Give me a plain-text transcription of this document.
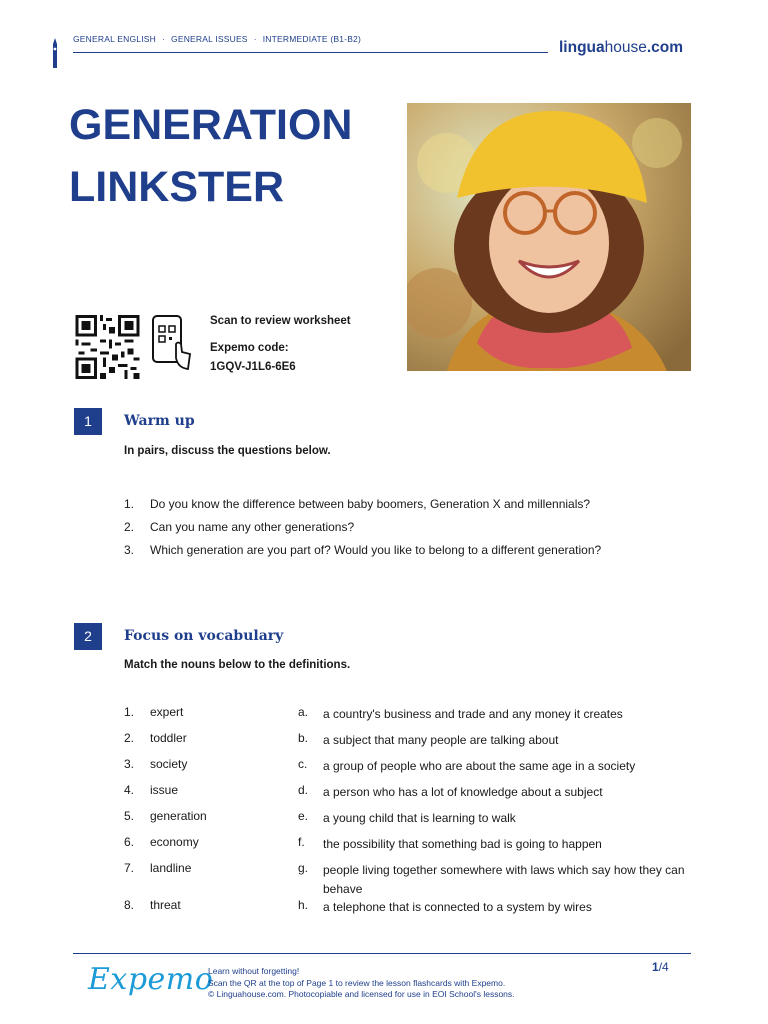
GENERAL ENGLISH · GENERAL ISSUES · INTERMEDIATE (B1-B2)	linguahouse.com
GENERATION
LINKSTER
Scan to review worksheet
Expemo code:
1GQV-J1L6-6E6
1	Warm up
In pairs, discuss the questions below.
1. Do you know the difference between baby boomers, Generation X and millennials?
2. Can you name any other generations?
3. Which generation are you part of? Would you like to belong to a different generation?
2	Focus on vocabulary
Match the nouns below to the definitions.
1.	expert	a.	a country's business and trade and any money it creates
2.	toddler	b.	a subject that many people are talking about
3.	society	c.	a group of people who are about the same age in a society
4.	issue	d.	a person who has a lot of knowledge about a subject
5.	generation	e.	a young child that is learning to walk
6.	economy	f.	the possibility that something bad is going to happen
7.	landline	g.	people living together somewhere with laws which say how they can behave
8.	threat	h.	a telephone that is connected to a system by wires
Expemo
Learn without forgetting!
Scan the QR at the top of Page 1 to review the lesson flashcards with Expemo.
© Linguahouse.com. Photocopiable and licensed for use in EOI School's lessons.
1/4
